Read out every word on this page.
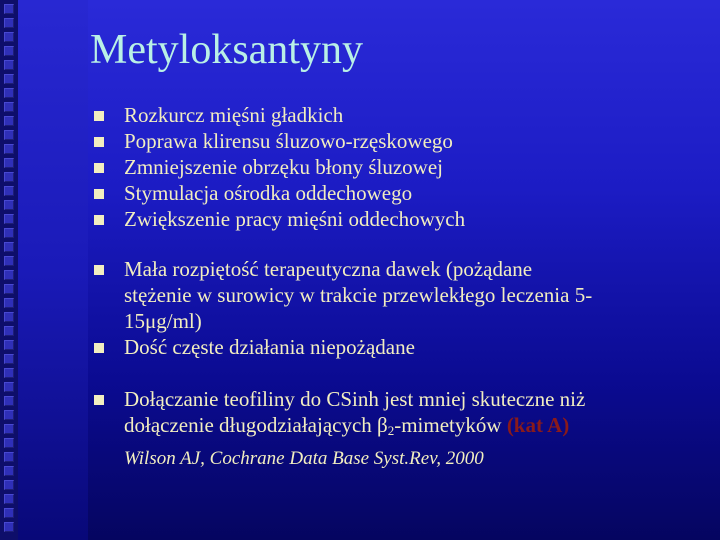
Metyloksantyny
Rozkurcz mięśni gładkich
Poprawa klirensu śluzowo-rzęskowego
Zmniejszenie obrzęku błony śluzowej
Stymulacja ośrodka oddechowego
Zwiększenie pracy mięśni oddechowych
Mała rozpiętość terapeutyczna dawek (pożądane
stężenie w surowicy w trakcie przewlekłego leczenia 5-
15μg/ml)
Dość częste działania niepożądane
Dołączanie teofiliny do CSinh jest mniej skuteczne niż
dołączenie długodziałających $\beta_2$-mimetyków (kat A)
Wilson AJ, Cochrane Data Base Syst.Rev, 2000
